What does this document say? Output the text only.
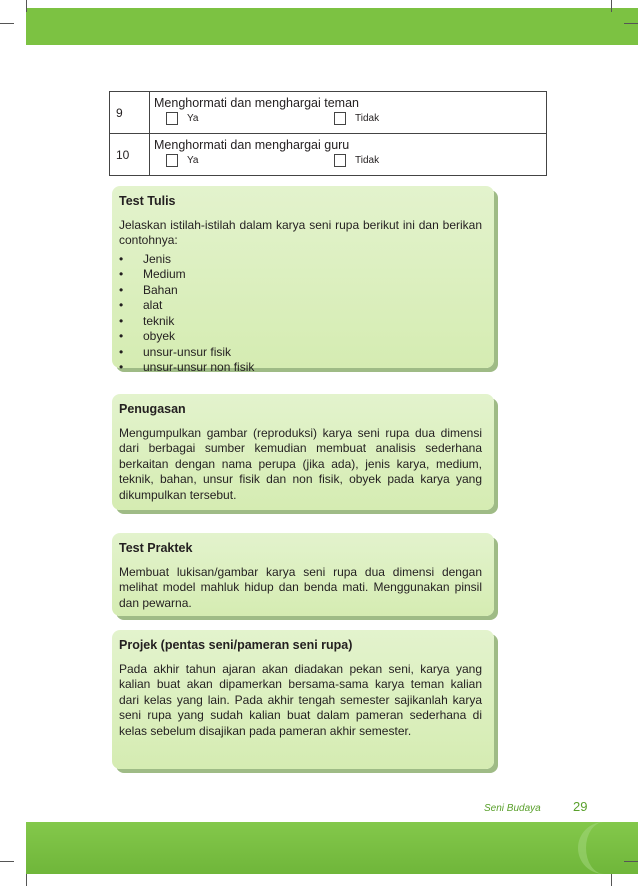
9	Menghormati dan menghargai teman
Ya Tidak

10	Menghormati dan menghargai guru
Ya Tidak
Test Tulis

Jelaskan istilah-istilah dalam karya seni rupa berikut ini dan berikan contohnya:

•	Jenis
•	Medium
•	Bahan
•	alat
•	teknik
•	obyek
•	unsur-unsur fisik
•	unsur-unsur non fisik
Penugasan

Mengumpulkan gambar (reproduksi) karya seni rupa dua dimensi dari berbagai sumber kemudian membuat analisis sederhana berkaitan dengan nama perupa (jika ada), jenis karya, medium, teknik, bahan, unsur fisik dan non fisik, obyek pada karya yang dikumpulkan tersebut.

Test Praktek

Membuat lukisan/gambar karya seni rupa dua dimensi dengan melihat model mahluk hidup dan benda mati. Menggunakan pinsil dan pewarna.

Projek (pentas seni/pameran seni rupa)

Pada akhir tahun ajaran akan diadakan pekan seni, karya yang kalian buat akan dipamerkan bersama-sama karya teman kalian dari kelas yang lain. Pada akhir tengah semester sajikanlah karya seni rupa yang sudah kalian buat dalam pameran sederhana di kelas sebelum disajikan pada pameran akhir semester.

Seni Budaya 29
